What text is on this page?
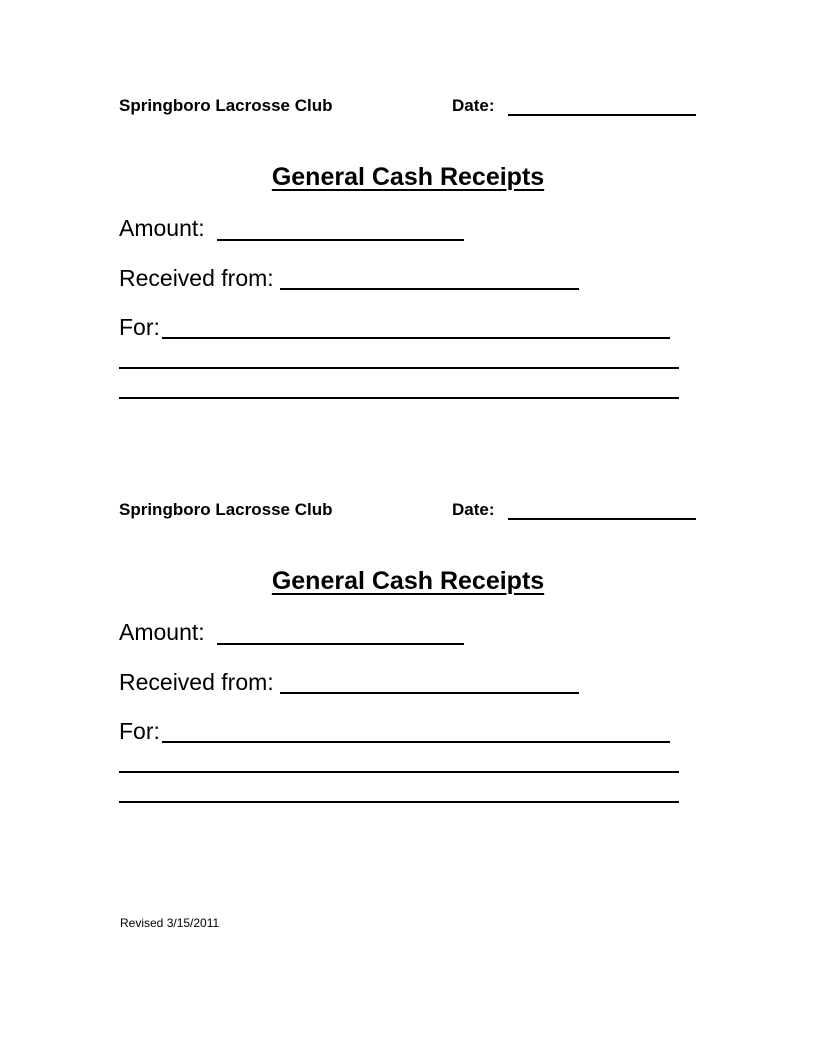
Springboro Lacrosse Club	Date:
General Cash Receipts
Amount:
Received from:
For:
Springboro Lacrosse Club	Date:
General Cash Receipts
Amount:
Received from:
For:
Revised 3/15/2011
